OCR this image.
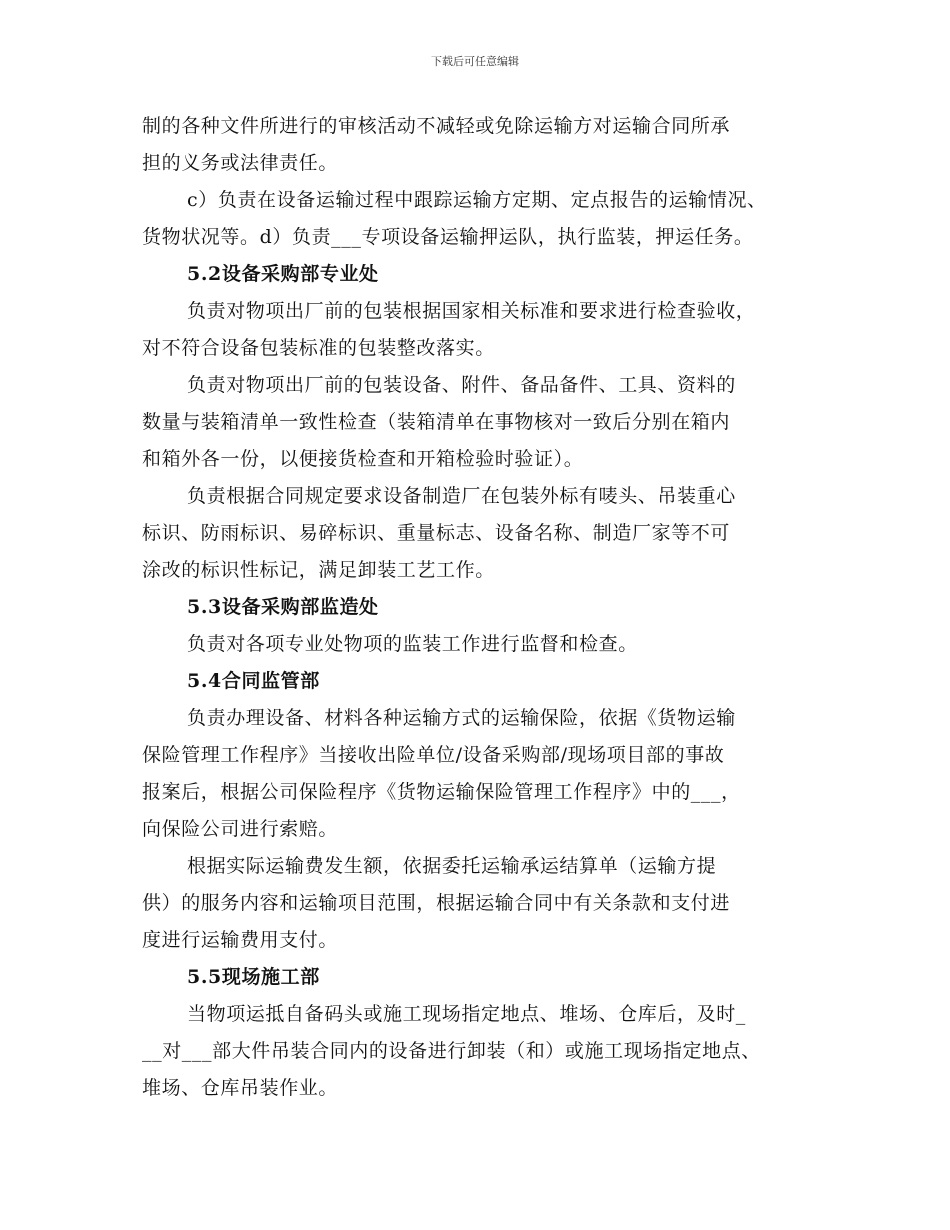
下载后可任意编辑
制的各种文件所进行的审核活动不减轻或免除运输方对运输合同所承
担的义务或法律责任。
c）负责在设备运输过程中跟踪运输方定期、定点报告的运输情况、
货物状况等。d）负责___专项设备运输押运队，执行监装，押运任务。
5.2设备采购部专业处
负责对物项出厂前的包装根据国家相关标准和要求进行检查验收，
对不符合设备包装标准的包装整改落实。
负责对物项出厂前的包装设备、附件、备品备件、工具、资料的
数量与装箱清单一致性检查（装箱清单在事物核对一致后分别在箱内
和箱外各一份，以便接货检查和开箱检验时验证）。
负责根据合同规定要求设备制造厂在包装外标有唛头、吊装重心
标识、防雨标识、易碎标识、重量标志、设备名称、制造厂家等不可
涂改的标识性标记，满足卸装工艺工作。
5.3设备采购部监造处
负责对各项专业处物项的监装工作进行监督和检查。
5.4合同监管部
负责办理设备、材料各种运输方式的运输保险，依据《货物运输
保险管理工作程序》当接收出险单位/设备采购部/现场项目部的事故
报案后，根据公司保险程序《货物运输保险管理工作程序》中的___，
向保险公司进行索赔。
根据实际运输费发生额，依据委托运输承运结算单（运输方提
供）的服务内容和运输项目范围，根据运输合同中有关条款和支付进
度进行运输费用支付。
5.5现场施工部
当物项运抵自备码头或施工现场指定地点、堆场、仓库后，及时_
__对___部大件吊装合同内的设备进行卸装（和）或施工现场指定地点、
堆场、仓库吊装作业。
